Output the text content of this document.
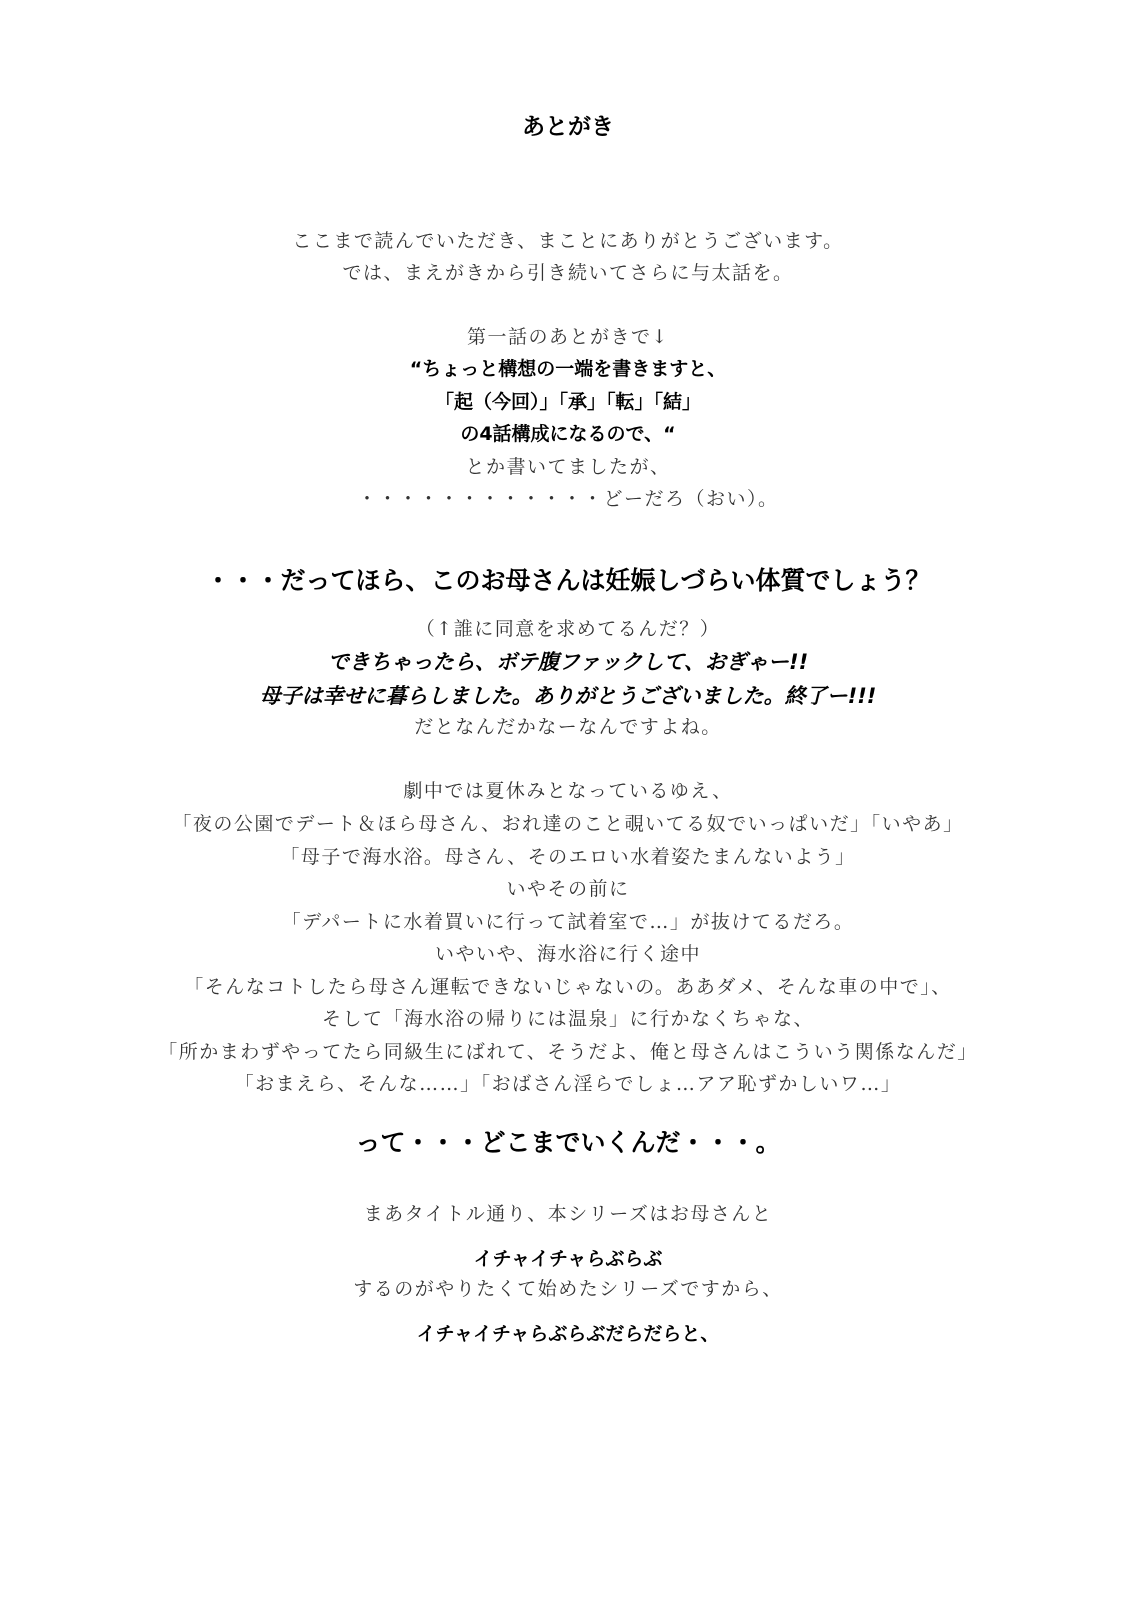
あとがき
ここまで読んでいただき、まことにありがとうございます。
では、まえがきから引き続いてさらに与太話を。
第一話のあとがきで↓
“ちょっと構想の一端を書きますと、
「起（今回）」「承」「転」「結」
の4話構成になるので、“
とか書いてましたが、
・・・・・・・・・・・・どーだろ（おい）。
・・・だってほら、このお母さんは妊娠しづらい体質でしょう？
（↑誰に同意を求めてるんだ？）
できちゃったら、ボテ腹ファックして、おぎゃー!!
母子は幸せに暮らしました。ありがとうございました。終了ー!!!
だとなんだかなーなんですよね。
劇中では夏休みとなっているゆえ、
「夜の公園でデート＆ほら母さん、おれ達のこと覗いてる奴でいっぱいだ」「いやあ」
「母子で海水浴。母さん、そのエロい水着姿たまんないよう」
いやその前に
「デパートに水着買いに行って試着室で…」が抜けてるだろ。
いやいや、海水浴に行く途中
「そんなコトしたら母さん運転できないじゃないの。ああダメ、そんな車の中で」、
そして「海水浴の帰りには温泉」に行かなくちゃな、
「所かまわずやってたら同級生にばれて、そうだよ、俺と母さんはこういう関係なんだ」
「おまえら、そんな……」「おばさん淫らでしょ…アア恥ずかしいワ…」
って・・・どこまでいくんだ・・・。
まあタイトル通り、本シリーズはお母さんと
イチャイチャらぶらぶ
するのがやりたくて始めたシリーズですから、
イチャイチャらぶらぶだらだらと、
